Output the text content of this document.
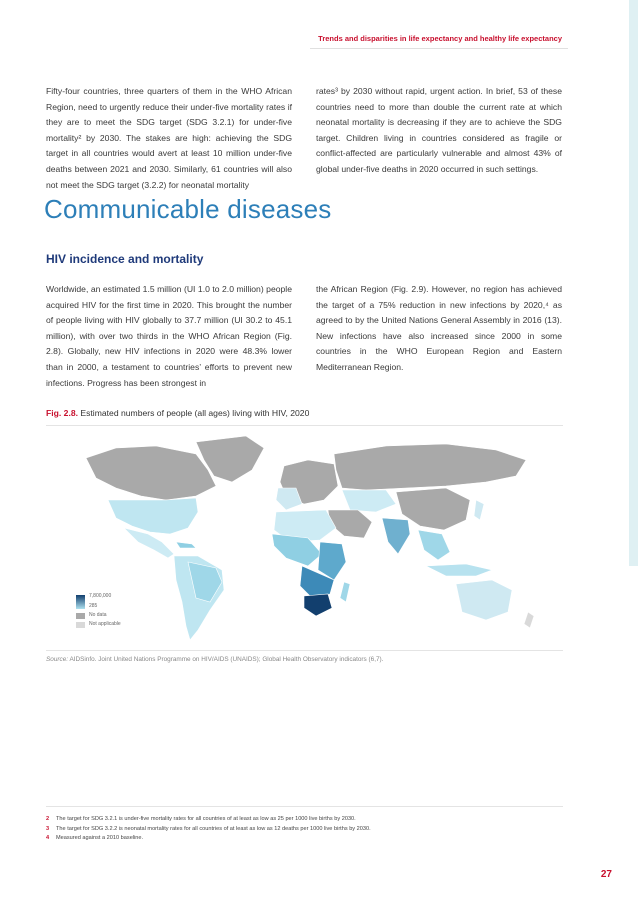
Trends and disparities in life expectancy and healthy life expectancy
Fifty-four countries, three quarters of them in the WHO African Region, need to urgently reduce their under-five mortality rates if they are to meet the SDG target (SDG 3.2.1) for under-five mortality² by 2030. The stakes are high: achieving the SDG target in all countries would avert at least 10 million under-five deaths between 2021 and 2030. Similarly, 61 countries will also not meet the SDG target (3.2.2) for neonatal mortality
rates³ by 2030 without rapid, urgent action. In brief, 53 of these countries need to more than double the current rate at which neonatal mortality is decreasing if they are to achieve the SDG target. Children living in countries considered as fragile or conflict-affected are particularly vulnerable and almost 43% of global under-five deaths in 2020 occurred in such settings.
Communicable diseases
HIV incidence and mortality
Worldwide, an estimated 1.5 million (UI 1.0 to 2.0 million) people acquired HIV for the first time in 2020. This brought the number of people living with HIV globally to 37.7 million (UI 30.2 to 45.1 million), with over two thirds in the WHO African Region (Fig. 2.8). Globally, new HIV infections in 2020 were 48.3% lower than in 2000, a testament to countries’ efforts to prevent new infections. Progress has been strongest in
the African Region (Fig. 2.9). However, no region has achieved the target of a 75% reduction in new infections by 2020,⁴ as agreed to by the United Nations General Assembly in 2016 (13). New infections have also increased since 2000 in some countries in the WHO European Region and Eastern Mediterranean Region.
Fig. 2.8. Estimated numbers of people (all ages) living with HIV, 2020
7,800,000
285
No data
Not applicable
Source: AIDSinfo. Joint United Nations Programme on HIV/AIDS (UNAIDS); Global Health Observatory indicators (6,7).
2 The target for SDG 3.2.1 is under-five mortality rates for all countries of at least as low as 25 per 1000 live births by 2030.
3 The target for SDG 3.2.2 is neonatal mortality rates for all countries of at least as low as 12 deaths per 1000 live births by 2030.
4 Measured against a 2010 baseline.
27
